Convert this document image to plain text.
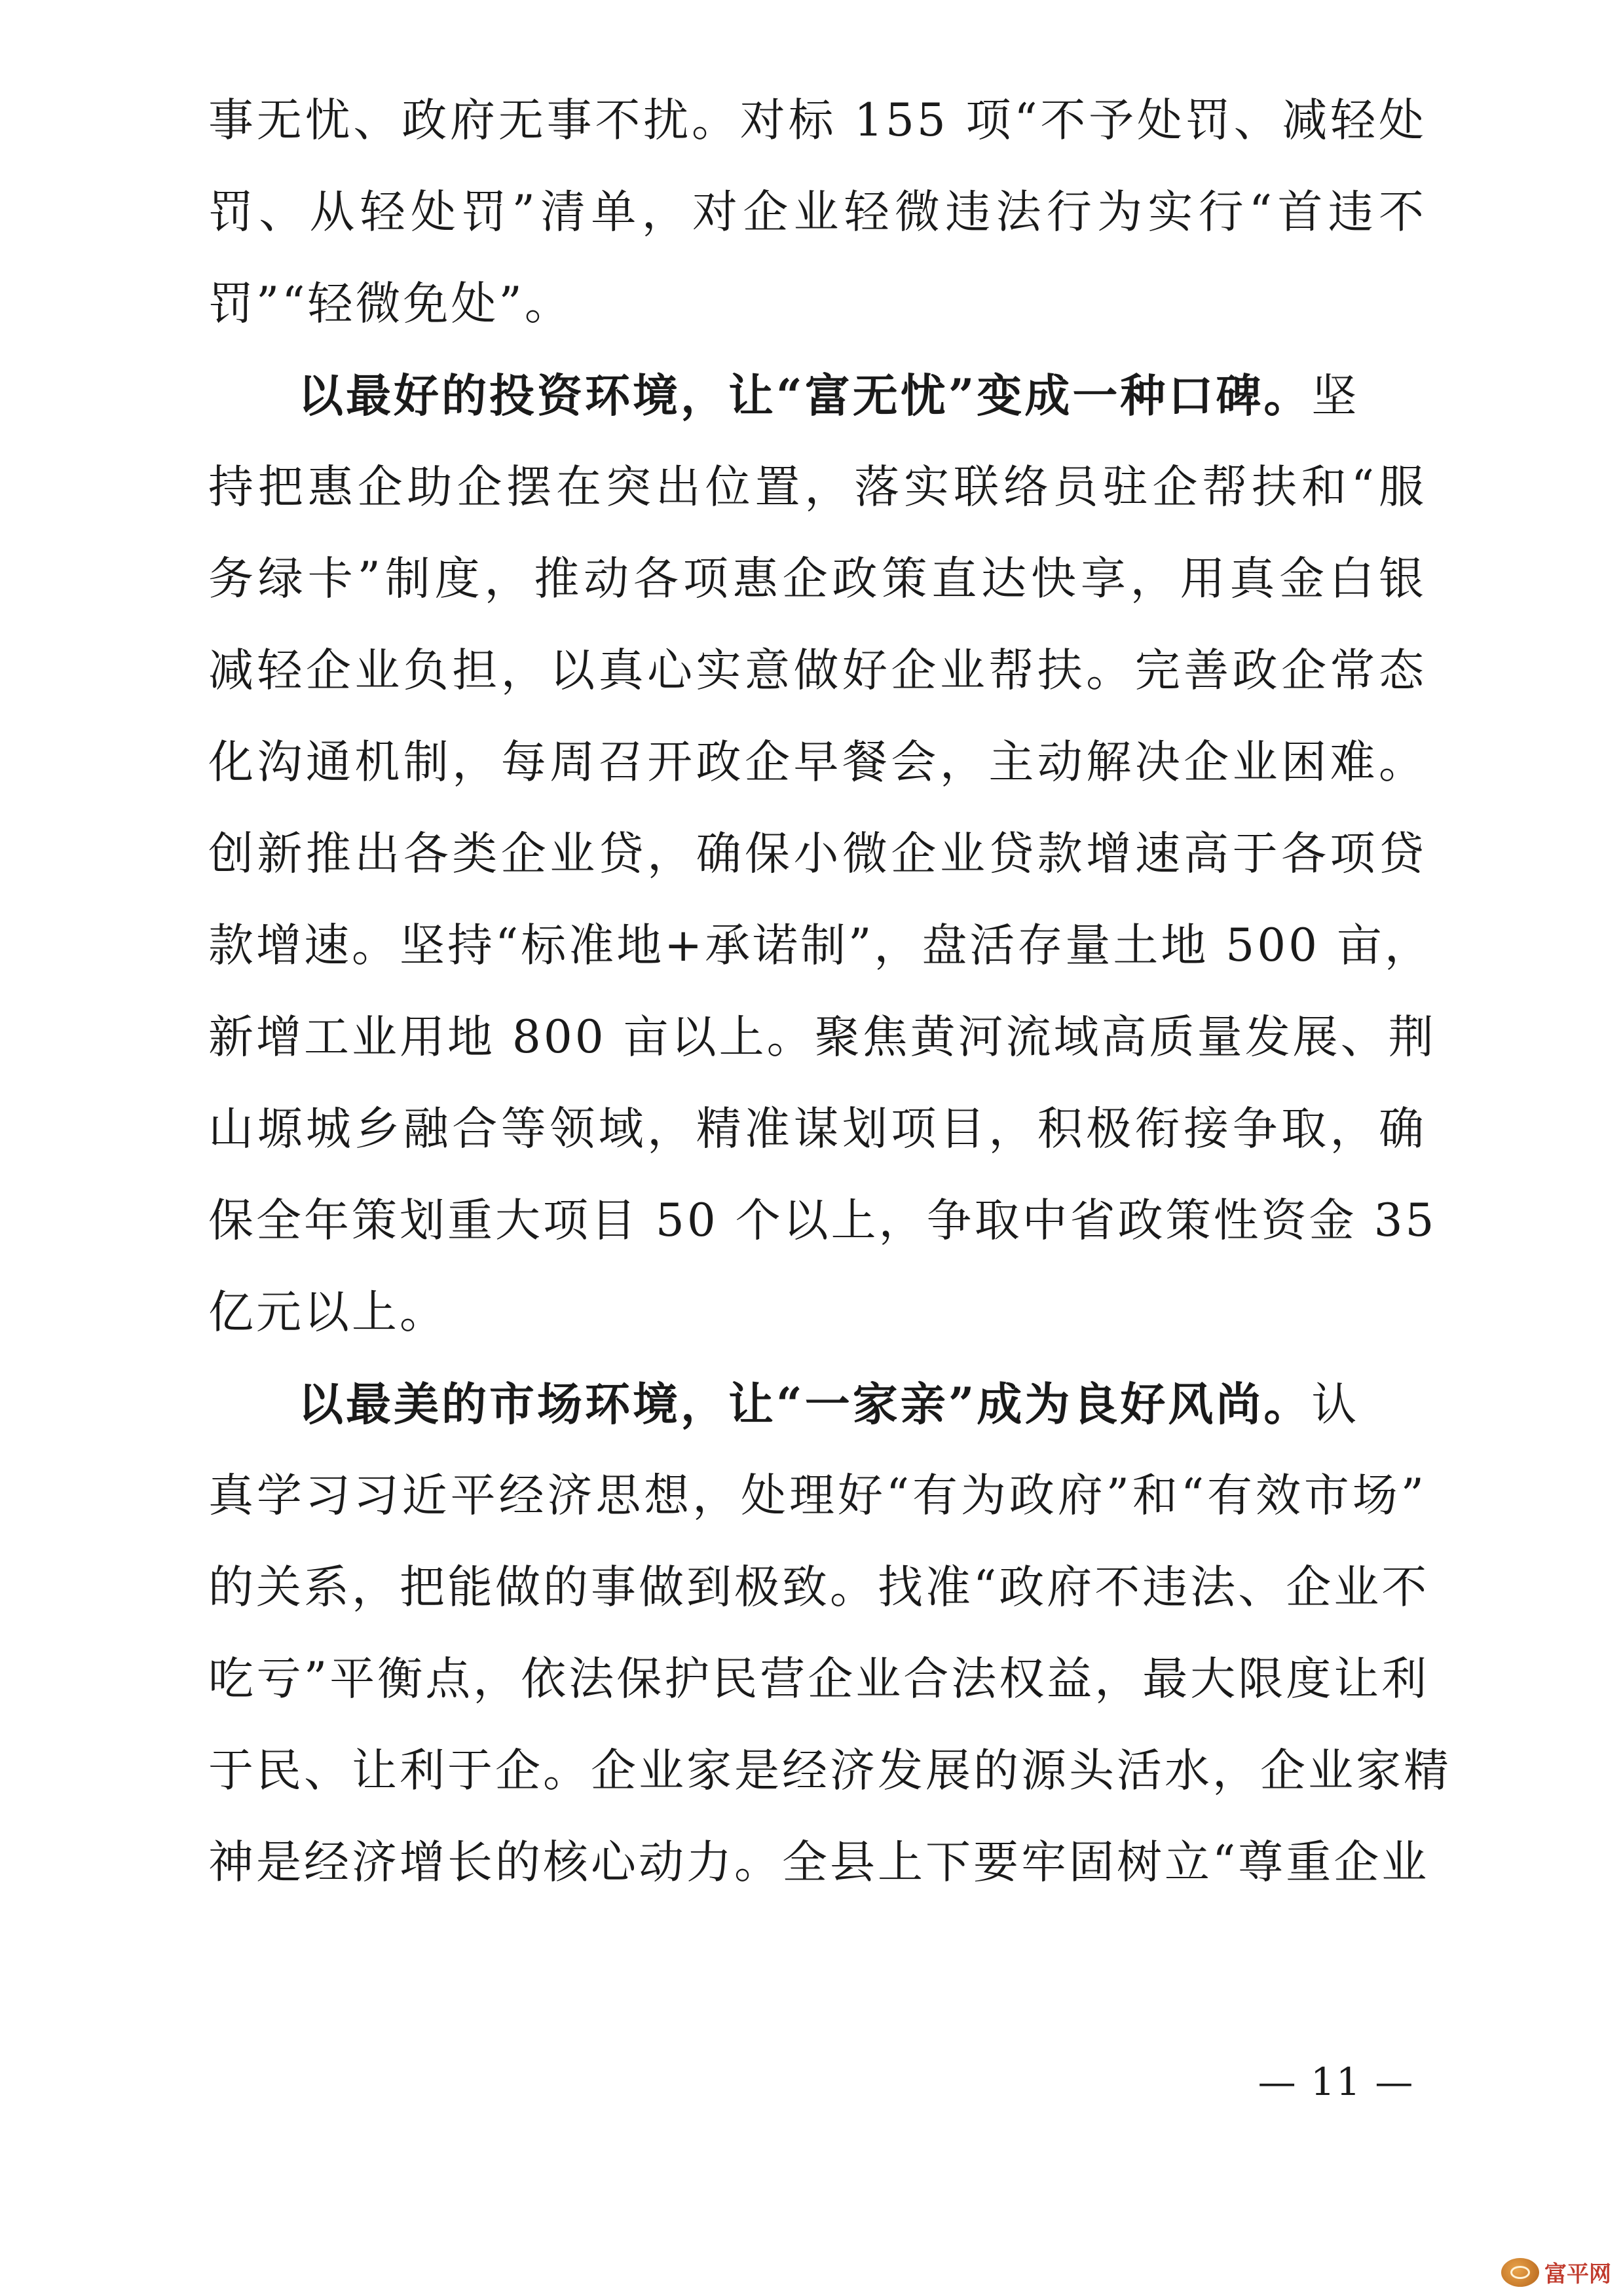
事无忧、政府无事不扰。对标 155 项“不予处罚、减轻处
罚、从轻处罚”清单，对企业轻微违法行为实行“首违不
罚”“轻微免处”。
以最好的投资环境，让“富无忧”变成一种口碑。坚
持把惠企助企摆在突出位置，落实联络员驻企帮扶和“服
务绿卡”制度，推动各项惠企政策直达快享，用真金白银
减轻企业负担，以真心实意做好企业帮扶。完善政企常态
化沟通机制，每周召开政企早餐会，主动解决企业困难。
创新推出各类企业贷，确保小微企业贷款增速高于各项贷
款增速。坚持“标准地+承诺制”，盘活存量土地 500 亩，
新增工业用地 800 亩以上。聚焦黄河流域高质量发展、荆
山塬城乡融合等领域，精准谋划项目，积极衔接争取，确
保全年策划重大项目 50 个以上，争取中省政策性资金 35
亿元以上。
以最美的市场环境，让“一家亲”成为良好风尚。认
真学习习近平经济思想，处理好“有为政府”和“有效市场”
的关系，把能做的事做到极致。找准“政府不违法、企业不
吃亏”平衡点，依法保护民营企业合法权益，最大限度让利
于民、让利于企。企业家是经济发展的源头活水，企业家精
神是经济增长的核心动力。全县上下要牢固树立“尊重企业
— 11 —
富平网
